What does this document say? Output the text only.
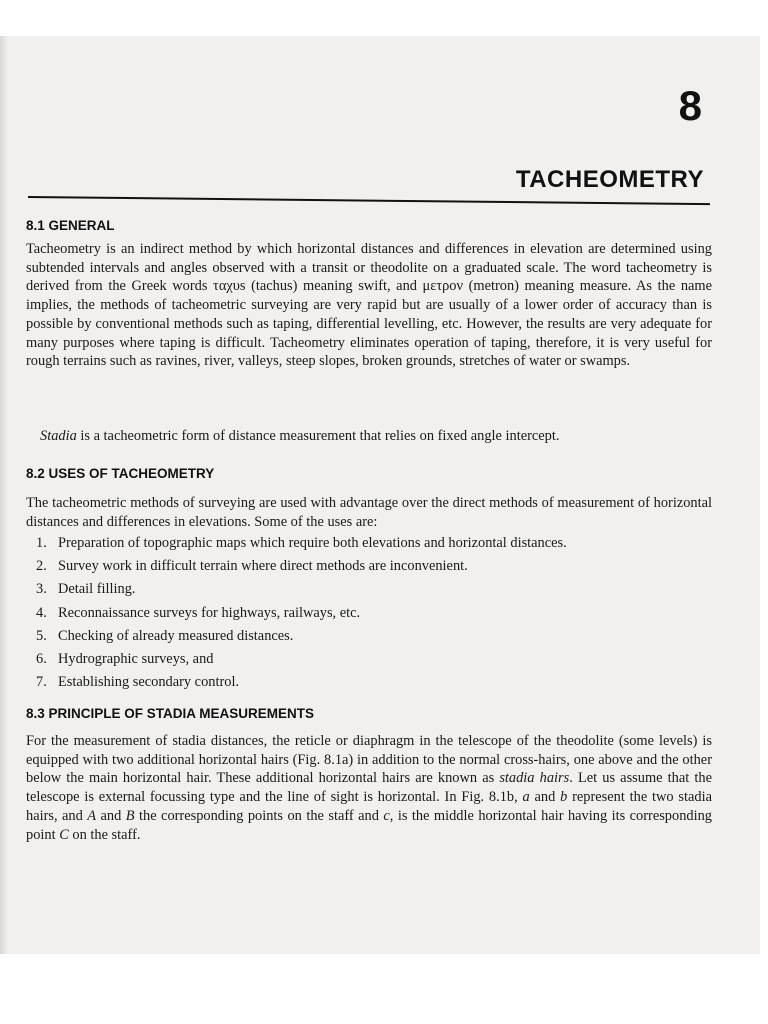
8
TACHEOMETRY
8.1 GENERAL

Tacheometry is an indirect method by which horizontal distances and differences in elevation are determined using subtended intervals and angles observed with a transit or theodolite on a graduated scale. The word tacheometry is derived from the Greek words ταχυs (tachus) meaning swift, and μετρον (metron) meaning measure. As the name implies, the methods of tacheometric surveying are very rapid but are usually of a lower order of accuracy than is possible by conventional methods such as taping, differential levelling, etc. However, the results are very adequate for many purposes where taping is difficult. Tacheometry eliminates operation of taping, therefore, it is very useful for rough terrains such as ravines, river, valleys, steep slopes, broken grounds, stretches of water or swamps.

Stadia is a tacheometric form of distance measurement that relies on fixed angle intercept.

8.2 USES OF TACHEOMETRY

The tacheometric methods of surveying are used with advantage over the direct methods of measurement of horizontal distances and differences in elevations. Some of the uses are:

1. Preparation of topographic maps which require both elevations and horizontal distances.
2. Survey work in difficult terrain where direct methods are inconvenient.
3. Detail filling.
4. Reconnaissance surveys for highways, railways, etc.
5. Checking of already measured distances.
6. Hydrographic surveys, and
7. Establishing secondary control.
8.3 PRINCIPLE OF STADIA MEASUREMENTS

For the measurement of stadia distances, the reticle or diaphragm in the telescope of the theodolite (some levels) is equipped with two additional horizontal hairs (Fig. 8.1a) in addition to the normal cross-hairs, one above and the other below the main horizontal hair. These additional horizontal hairs are known as stadia hairs. Let us assume that the telescope is external focussing type and the line of sight is horizontal. In Fig. 8.1b, a and b represent the two stadia hairs, and A and B the corresponding points on the staff and c, is the middle horizontal hair having its corresponding point C on the staff.
